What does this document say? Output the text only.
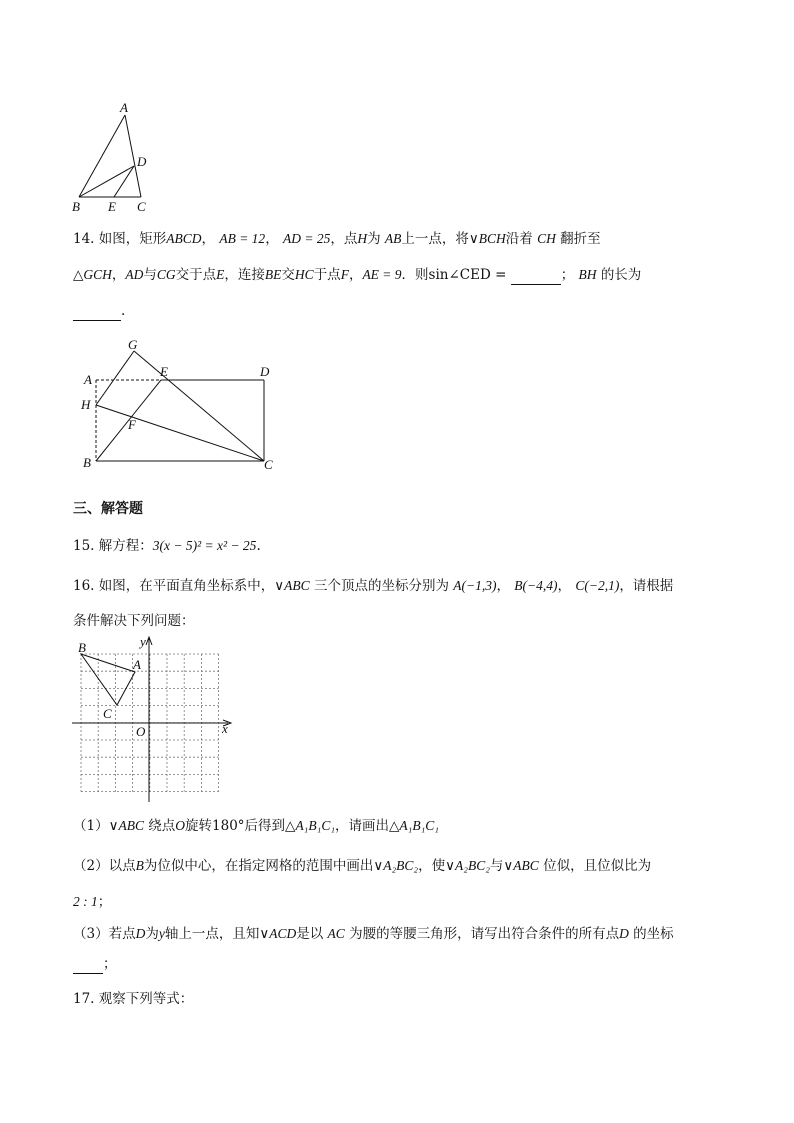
A
D
B E C
14. 如图，矩形ABCD， AB = 12， AD = 25，点H为 AB上一点，将∨BCH沿着 CH 翻折至
△GCH，AD与CG交于点E，连接BE交HC于点F，AE = 9．则sin∠CED =	； BH 的长为
.
G
A
E	D
H
F
B	C
三、解答题
15. 解方程：3(x − 5)² = x² − 25.
16. 如图，在平面直角坐标系中，∨ABC 三个顶点的坐标分别为 A(−1,3)， B(−4,4)， C(−2,1)，请根据
条件解决下列问题：
B
A
C
O	x
y
（1）∨ABC 绕点O旋转180°后得到△A₁B₁C₁，请画出△A₁B₁C₁
（2）以点B为位似中心，在指定网格的范围中画出∨A₂BC₂，使∨A₂BC₂与∨ABC 位似，且位似比为
2 : 1；
（3）若点D为y轴上一点，且知∨ACD是以 AC 为腰的等腰三角形，请写出符合条件的所有点D 的坐标
；
17. 观察下列等式：
